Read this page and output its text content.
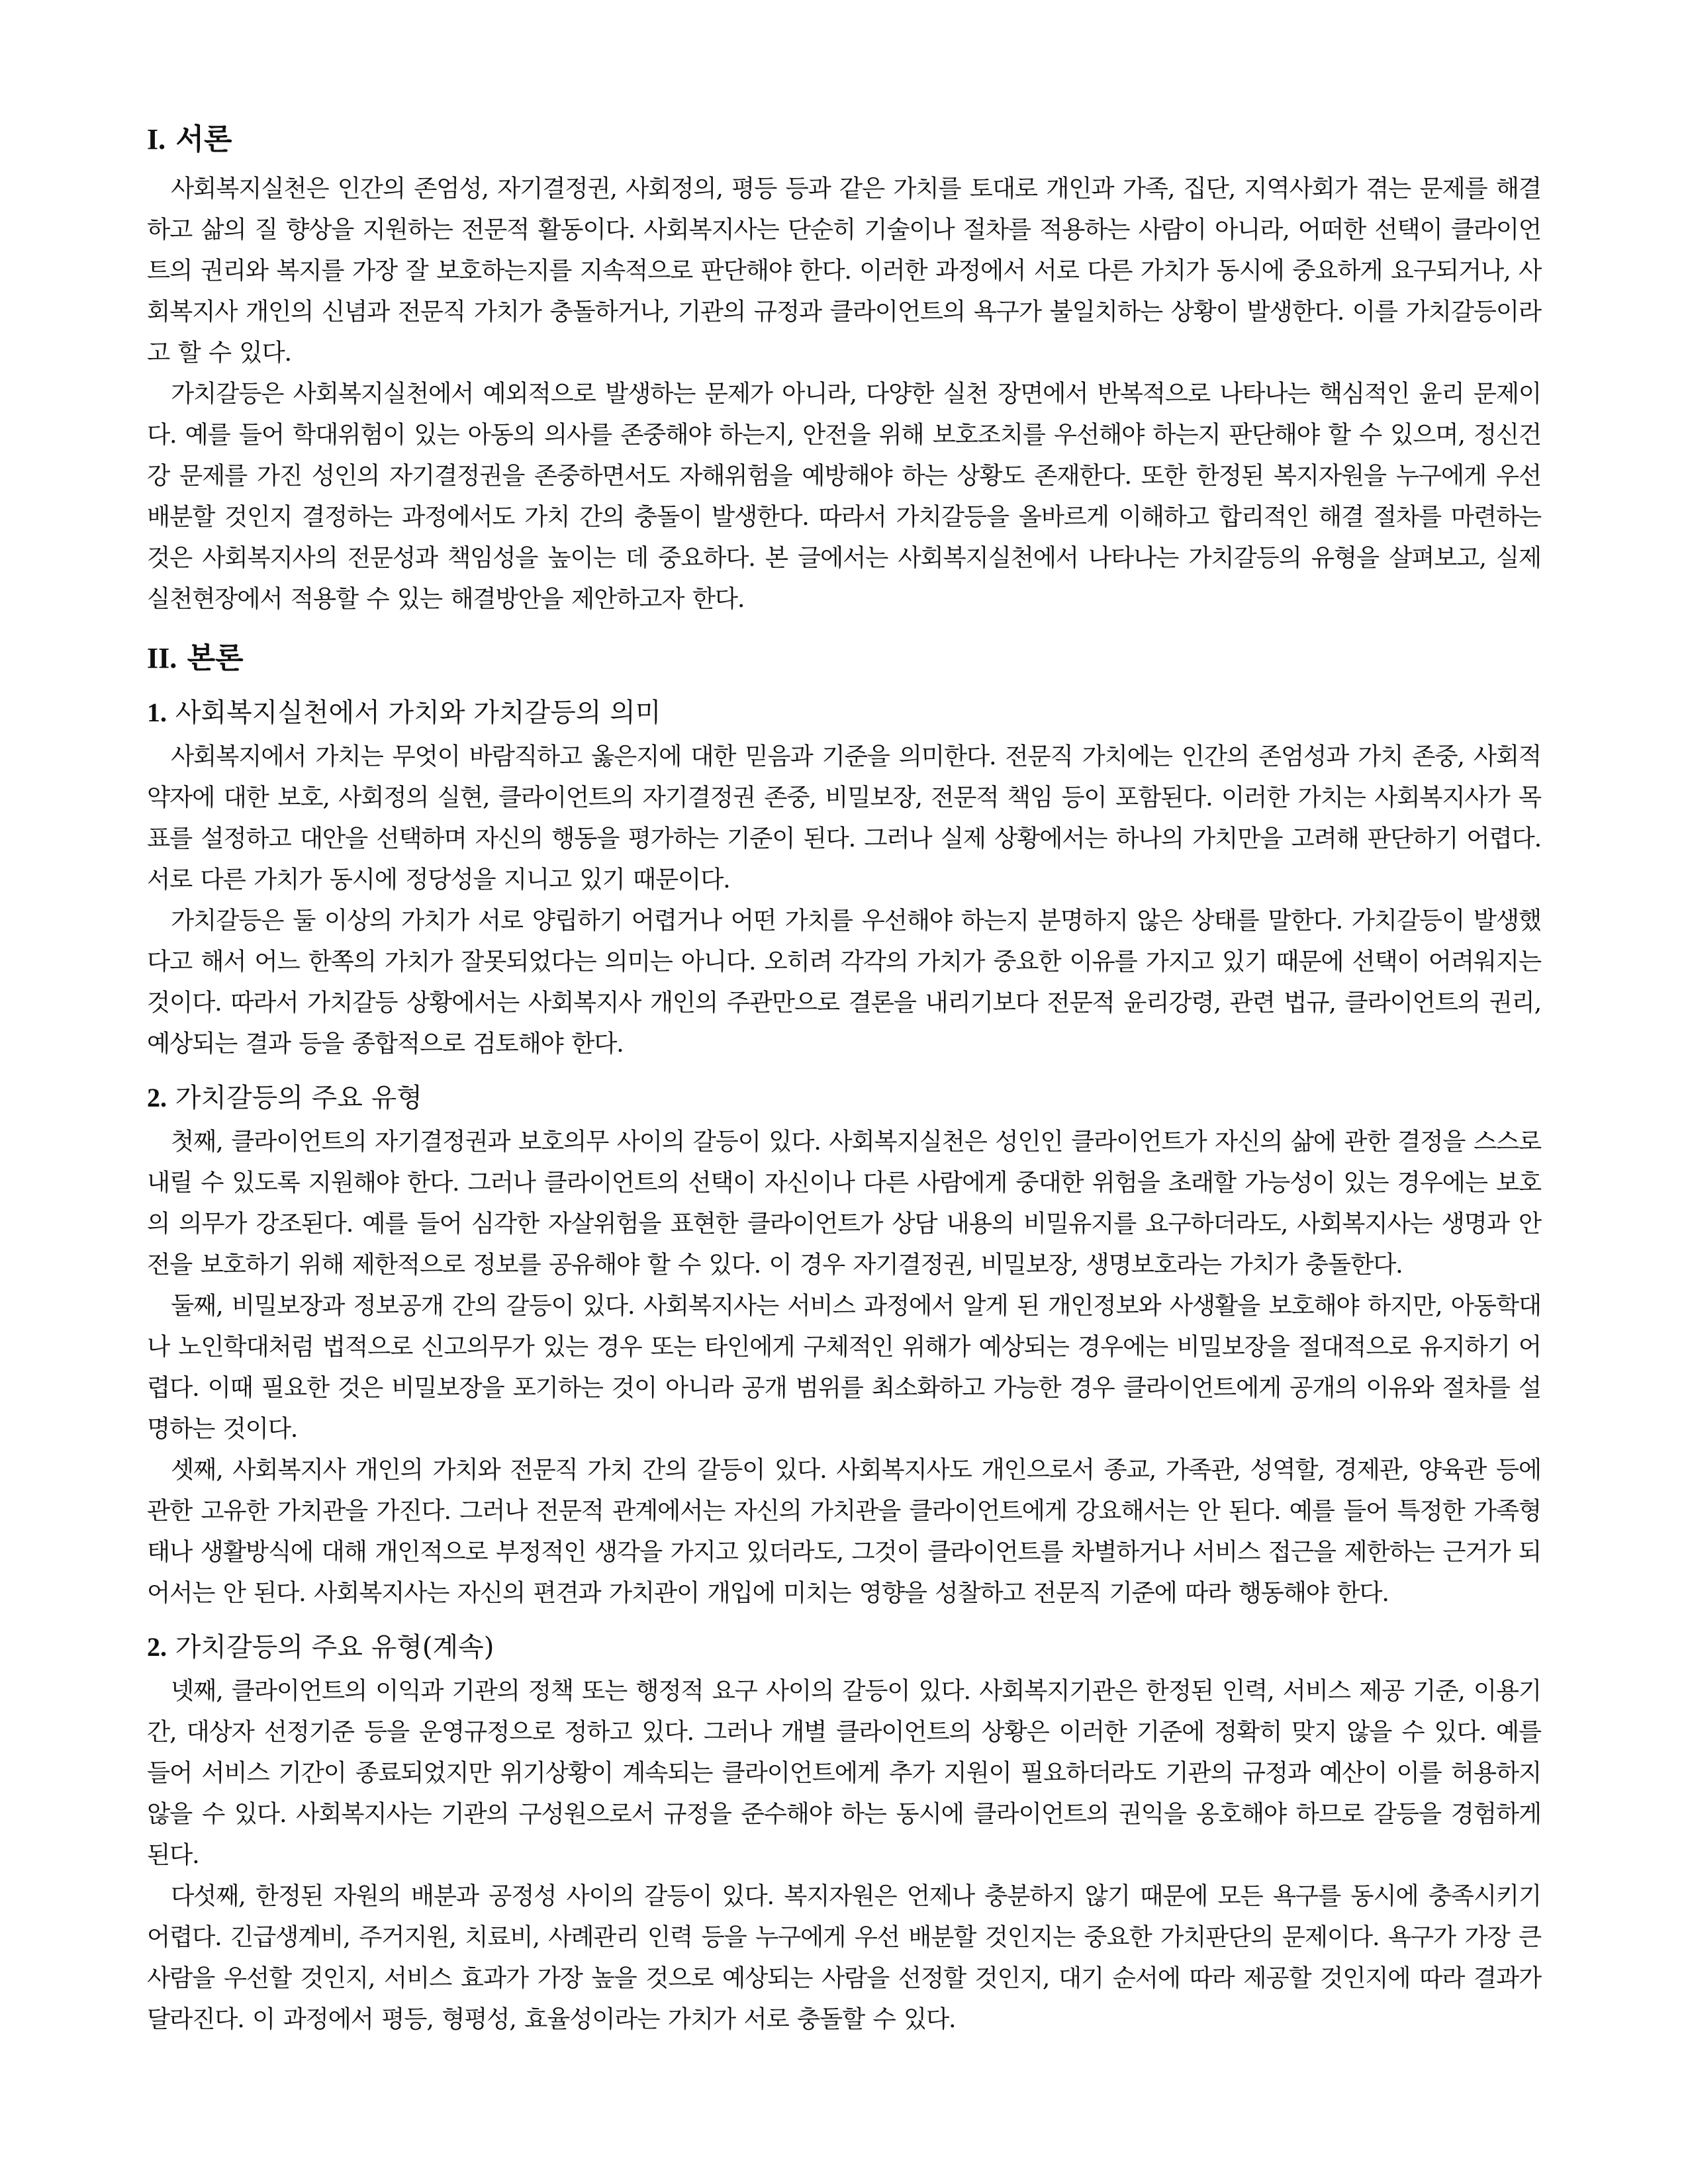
I. 서론

사회복지실천은 인간의 존엄성, 자기결정권, 사회정의, 평등 등과 같은 가치를 토대로 개인과 가족, 집단, 지역사회가 겪는 문제를 해결하고 삶의 질 향상을 지원하는 전문적 활동이다. 사회복지사는 단순히 기술이나 절차를 적용하는 사람이 아니라, 어떠한 선택이 클라이언트의 권리와 복지를 가장 잘 보호하는지를 지속적으로 판단해야 한다. 이러한 과정에서 서로 다른 가치가 동시에 중요하게 요구되거나, 사회복지사 개인의 신념과 전문직 가치가 충돌하거나, 기관의 규정과 클라이언트의 욕구가 불일치하는 상황이 발생한다. 이를 가치갈등이라고 할 수 있다.

가치갈등은 사회복지실천에서 예외적으로 발생하는 문제가 아니라, 다양한 실천 장면에서 반복적으로 나타나는 핵심적인 윤리 문제이다. 예를 들어 학대위험이 있는 아동의 의사를 존중해야 하는지, 안전을 위해 보호조치를 우선해야 하는지 판단해야 할 수 있으며, 정신건강 문제를 가진 성인의 자기결정권을 존중하면서도 자해위험을 예방해야 하는 상황도 존재한다. 또한 한정된 복지자원을 누구에게 우선 배분할 것인지 결정하는 과정에서도 가치 간의 충돌이 발생한다. 따라서 가치갈등을 올바르게 이해하고 합리적인 해결 절차를 마련하는 것은 사회복지사의 전문성과 책임성을 높이는 데 중요하다. 본 글에서는 사회복지실천에서 나타나는 가치갈등의 유형을 살펴보고, 실제 실천현장에서 적용할 수 있는 해결방안을 제안하고자 한다.

II. 본론
1. 사회복지실천에서 가치와 가치갈등의 의미

사회복지에서 가치는 무엇이 바람직하고 옳은지에 대한 믿음과 기준을 의미한다. 전문직 가치에는 인간의 존엄성과 가치 존중, 사회적 약자에 대한 보호, 사회정의 실현, 클라이언트의 자기결정권 존중, 비밀보장, 전문적 책임 등이 포함된다. 이러한 가치는 사회복지사가 목표를 설정하고 대안을 선택하며 자신의 행동을 평가하는 기준이 된다. 그러나 실제 상황에서는 하나의 가치만을 고려해 판단하기 어렵다. 서로 다른 가치가 동시에 정당성을 지니고 있기 때문이다.

가치갈등은 둘 이상의 가치가 서로 양립하기 어렵거나 어떤 가치를 우선해야 하는지 분명하지 않은 상태를 말한다. 가치갈등이 발생했다고 해서 어느 한쪽의 가치가 잘못되었다는 의미는 아니다. 오히려 각각의 가치가 중요한 이유를 가지고 있기 때문에 선택이 어려워지는 것이다. 따라서 가치갈등 상황에서는 사회복지사 개인의 주관만으로 결론을 내리기보다 전문적 윤리강령, 관련 법규, 클라이언트의 권리, 예상되는 결과 등을 종합적으로 검토해야 한다.

2. 가치갈등의 주요 유형

첫째, 클라이언트의 자기결정권과 보호의무 사이의 갈등이 있다. 사회복지실천은 성인인 클라이언트가 자신의 삶에 관한 결정을 스스로 내릴 수 있도록 지원해야 한다. 그러나 클라이언트의 선택이 자신이나 다른 사람에게 중대한 위험을 초래할 가능성이 있는 경우에는 보호의 의무가 강조된다. 예를 들어 심각한 자살위험을 표현한 클라이언트가 상담 내용의 비밀유지를 요구하더라도, 사회복지사는 생명과 안전을 보호하기 위해 제한적으로 정보를 공유해야 할 수 있다. 이 경우 자기결정권, 비밀보장, 생명보호라는 가치가 충돌한다.

둘째, 비밀보장과 정보공개 간의 갈등이 있다. 사회복지사는 서비스 과정에서 알게 된 개인정보와 사생활을 보호해야 하지만, 아동학대나 노인학대처럼 법적으로 신고의무가 있는 경우 또는 타인에게 구체적인 위해가 예상되는 경우에는 비밀보장을 절대적으로 유지하기 어렵다. 이때 필요한 것은 비밀보장을 포기하는 것이 아니라 공개 범위를 최소화하고 가능한 경우 클라이언트에게 공개의 이유와 절차를 설명하는 것이다.

셋째, 사회복지사 개인의 가치와 전문직 가치 간의 갈등이 있다. 사회복지사도 개인으로서 종교, 가족관, 성역할, 경제관, 양육관 등에 관한 고유한 가치관을 가진다. 그러나 전문적 관계에서는 자신의 가치관을 클라이언트에게 강요해서는 안 된다. 예를 들어 특정한 가족형태나 생활방식에 대해 개인적으로 부정적인 생각을 가지고 있더라도, 그것이 클라이언트를 차별하거나 서비스 접근을 제한하는 근거가 되어서는 안 된다. 사회복지사는 자신의 편견과 가치관이 개입에 미치는 영향을 성찰하고 전문직 기준에 따라 행동해야 한다.

2. 가치갈등의 주요 유형(계속)

넷째, 클라이언트의 이익과 기관의 정책 또는 행정적 요구 사이의 갈등이 있다. 사회복지기관은 한정된 인력, 서비스 제공 기준, 이용기간, 대상자 선정기준 등을 운영규정으로 정하고 있다. 그러나 개별 클라이언트의 상황은 이러한 기준에 정확히 맞지 않을 수 있다. 예를 들어 서비스 기간이 종료되었지만 위기상황이 계속되는 클라이언트에게 추가 지원이 필요하더라도 기관의 규정과 예산이 이를 허용하지 않을 수 있다. 사회복지사는 기관의 구성원으로서 규정을 준수해야 하는 동시에 클라이언트의 권익을 옹호해야 하므로 갈등을 경험하게 된다.

다섯째, 한정된 자원의 배분과 공정성 사이의 갈등이 있다. 복지자원은 언제나 충분하지 않기 때문에 모든 욕구를 동시에 충족시키기 어렵다. 긴급생계비, 주거지원, 치료비, 사례관리 인력 등을 누구에게 우선 배분할 것인지는 중요한 가치판단의 문제이다. 욕구가 가장 큰 사람을 우선할 것인지, 서비스 효과가 가장 높을 것으로 예상되는 사람을 선정할 것인지, 대기 순서에 따라 제공할 것인지에 따라 결과가 달라진다. 이 과정에서 평등, 형평성, 효율성이라는 가치가 서로 충돌할 수 있다.
